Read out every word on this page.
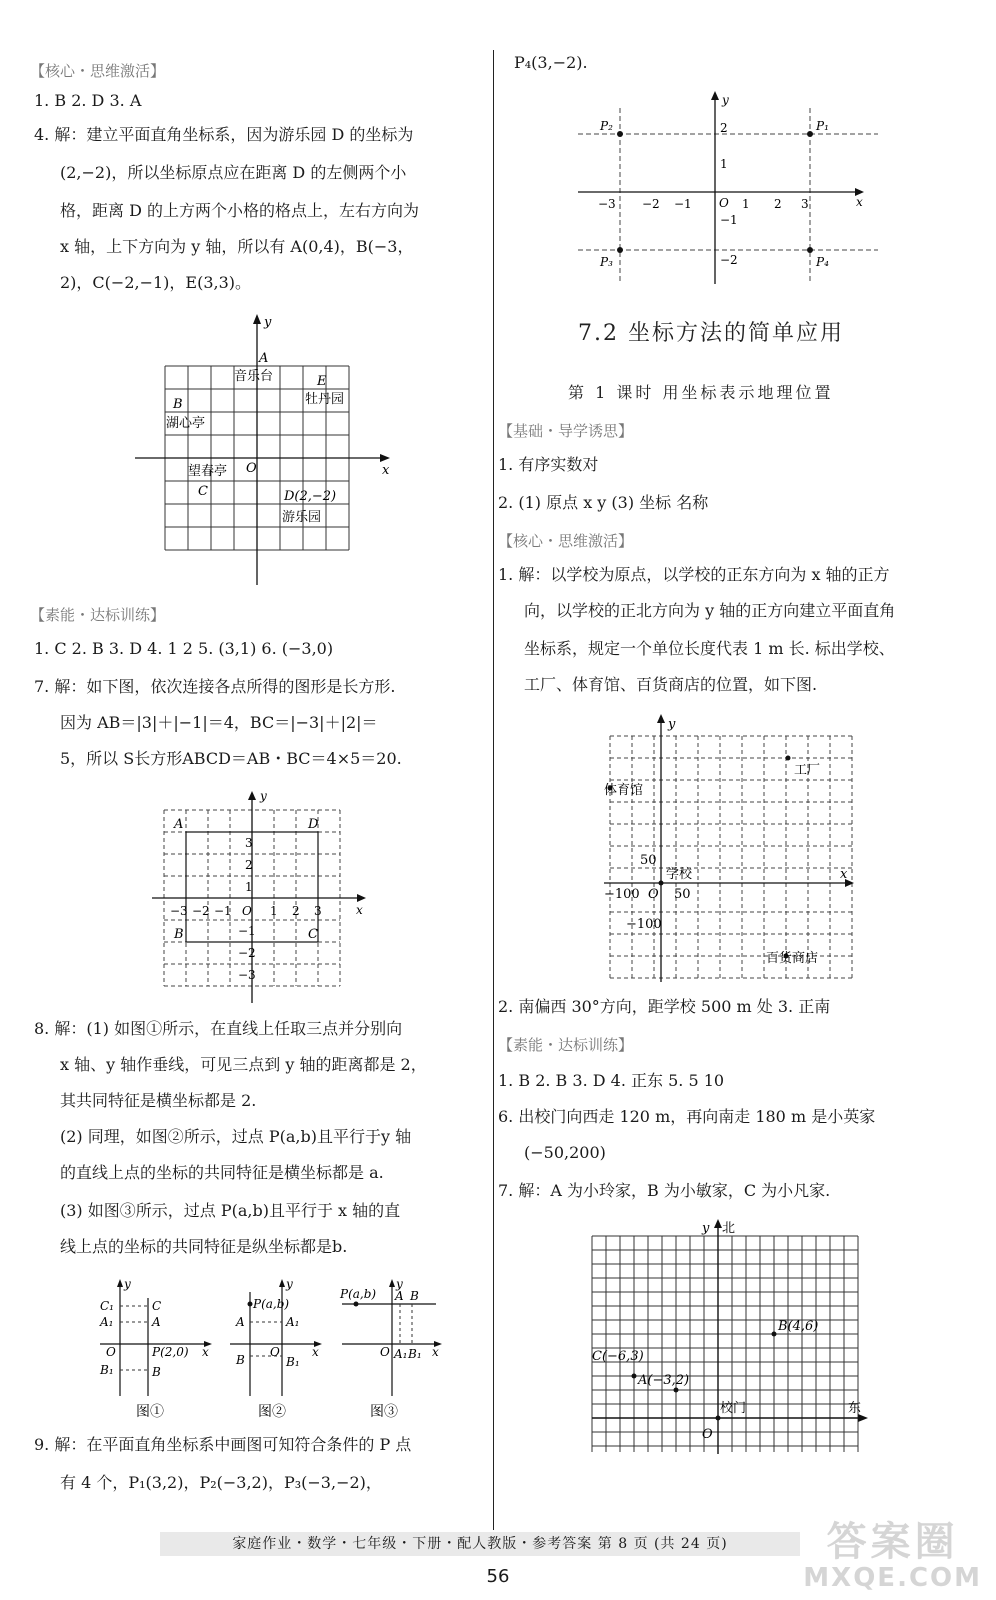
【核心・思维激活】
1. B 2. D 3. A
4. 解：建立平面直角坐标系，因为游乐园 D 的坐标为
(2,−2)，所以坐标原点应在距离 D 的左侧两个小
格，距离 D 的上方两个小格的格点上，左右方向为
x 轴，上下方向为 y 轴，所以有 A(0,4)，B(−3，
2)，C(−2,−1)，E(3,3)。
y
x
O
A
音乐台	E
牡丹园
B
湖心亭
望春亭
C	D(2,−2)
游乐园
【素能・达标训练】
1. C 2. B 3. D 4. 1 2 5. (3,1) 6. (−3,0)
7. 解：如下图，依次连接各点所得的图形是长方形.
因为 AB＝|3|＋|−1|＝4，BC＝|−3|＋|2|＝
5，所以 S长方形ABCD＝AB・BC＝4×5＝20.
y
x
O
A	D
B	C
−3 −2 −1	1 2 3
3
2
1
−1
−2
−3
8. 解：(1) 如图①所示，在直线上任取三点并分别向
x 轴、y 轴作垂线，可见三点到 y 轴的距离都是 2，
其共同特征是横坐标都是 2.
(2) 同理，如图②所示，过点 P(a,b)且平行于y 轴
的直线上点的坐标的共同特征是横坐标都是 a.
(3) 如图③所示，过点 P(a,b)且平行于 x 轴的直
线上点的坐标的共同特征是纵坐标都是b.
y
x
O
C₁	C
A₁	A
P(2,0)
B₁	B
图①
y
x
O
P(a,b)
A	A₁
B	B₁
图②
y
x
O
P(a,b) A B
A₁ B₁
图③
9. 解：在平面直角坐标系中画图可知符合条件的 P 点
有 4 个，P₁(3,2)，P₂(−3,2)，P₃(−3,−2)，
P₄(3,−2).
y
x
O
P₂	P₁
P₃	P₄
−3 −2 −1	1 2 3
2
1
−1
−2
7.2 坐标方法的简单应用
第 1 课时 用坐标表示地理位置
【基础・导学诱思】
1. 有序实数对
2. (1) 原点 x y (3) 坐标 名称
【核心・思维激活】
1. 解：以学校为原点，以学校的正东方向为 x 轴的正方
向，以学校的正北方向为 y 轴的正方向建立平面直角
坐标系，规定一个单位长度代表 1 m 长. 标出学校、
工厂、体育馆、百货商店的位置，如下图.
y
x
O
工厂
体育馆
学校
百货商店
50
−100	50
−100
2. 南偏西 30°方向，距学校 500 m 处 3. 正南
【素能・达标训练】
1. B 2. B 3. D 4. 正东 5. 5 10
6. 出校门向西走 120 m，再向南走 180 m 是小英家
(−50,200)
7. 解：A 为小玲家，B 为小敏家，C 为小凡家.
y 北
东
O
B(4,6)
C(−6,3)
A(−3,2)
校门
家庭作业・数学・七年级・下册・配人教版・参考答案 第 8 页 (共 24 页)
56
答案圈
MXQE.COM
